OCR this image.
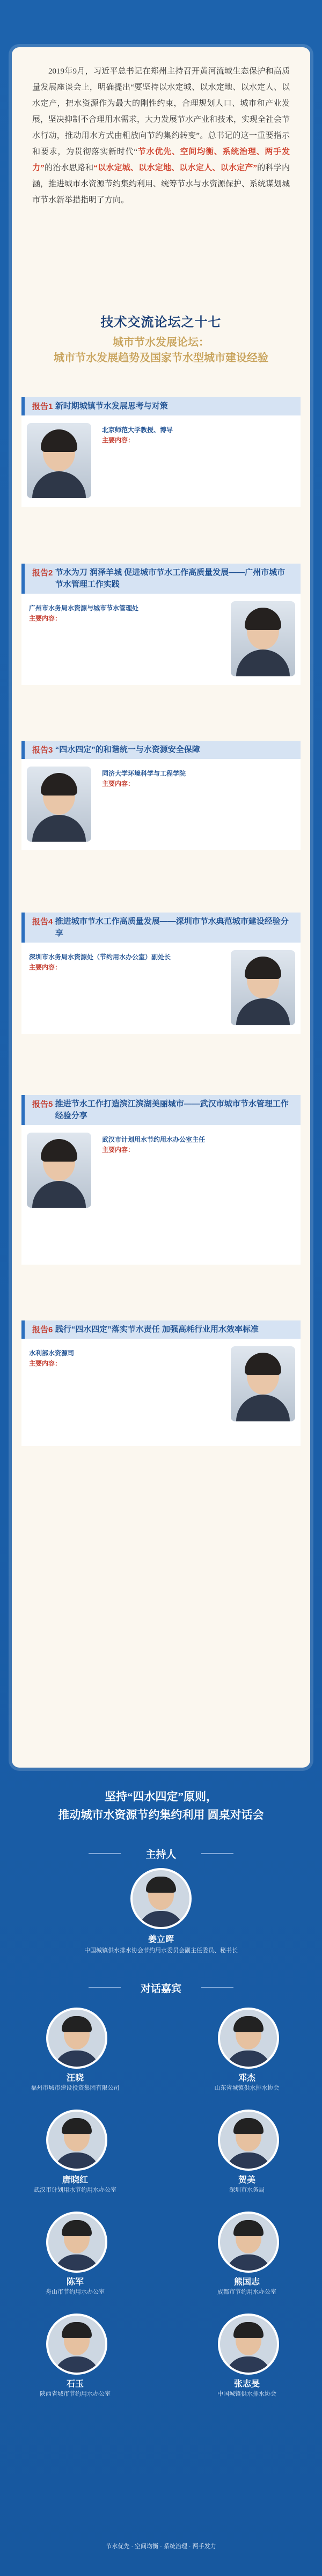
2019年9月，习近平总书记在郑州主持召开黄河流域生态保护和高质量发展座谈会上，明确提出“要坚持以水定城、以水定地、以水定人、以水定产，把水资源作为最大的刚性约束，合理规划人口、城市和产业发展，坚决抑制不合理用水需求，大力发展节水产业和技术，实现全社会节水行动，推动用水方式由粗放向节约集约转变”。总书记的这一重要指示和要求，为贯彻落实新时代“节水优先、空间均衡、系统治理、两手发力”的治水思路和“以水定城、以水定地、以水定人、以水定产”的科学内涵，推进城市水资源节约集约利用、统筹节水与水资源保护、系统谋划城市节水新举措指明了方向。
技术交流论坛之十七
城市节水发展论坛：
城市节水发展趋势及国家节水型城市建设经验
报告1
新时期城镇节水发展思考与对策
北京师范大学教授、博导
主要内容：
报告2
节水为刀 润泽羊城 促进城市节水工作高质量发展——广州市城市节水管理工作实践
广州市水务局水资源与城市节水管理处
主要内容：
报告3
“四水四定”的和谐统一与水资源安全保障
同济大学环境科学与工程学院
主要内容：
报告4
推进城市节水工作高质量发展——深圳市节水典范城市建设经验分享
深圳市水务局水资源处（节约用水办公室）副处长
主要内容：
报告5
推进节水工作打造滨江滨湖美丽城市——武汉市城市节水管理工作经验分享
武汉市计划用水节约用水办公室主任
主要内容：
报告6
践行“四水四定”落实节水责任 加强高耗行业用水效率标准
水利部水资源司
主要内容：
坚持“四水四定”原则，
推动城市水资源节约集约利用 圆桌对话会
主持人
姜立晖
中国城镇供水排水协会节约用水委员会副主任委员、秘书长
对话嘉宾
汪晓
福州市城市建设投资集团有限公司
邓杰
山东省城镇供水排水协会
唐晓红
武汉市计划用水节约用水办公室
贺美
深圳市水务局
陈军
舟山市节约用水办公室
熊国志
成都市节约用水办公室
石玉
陕西省城市节约用水办公室
张志旻
中国城镇供水排水协会
节水优先 · 空间均衡 · 系统治理 · 两手发力
